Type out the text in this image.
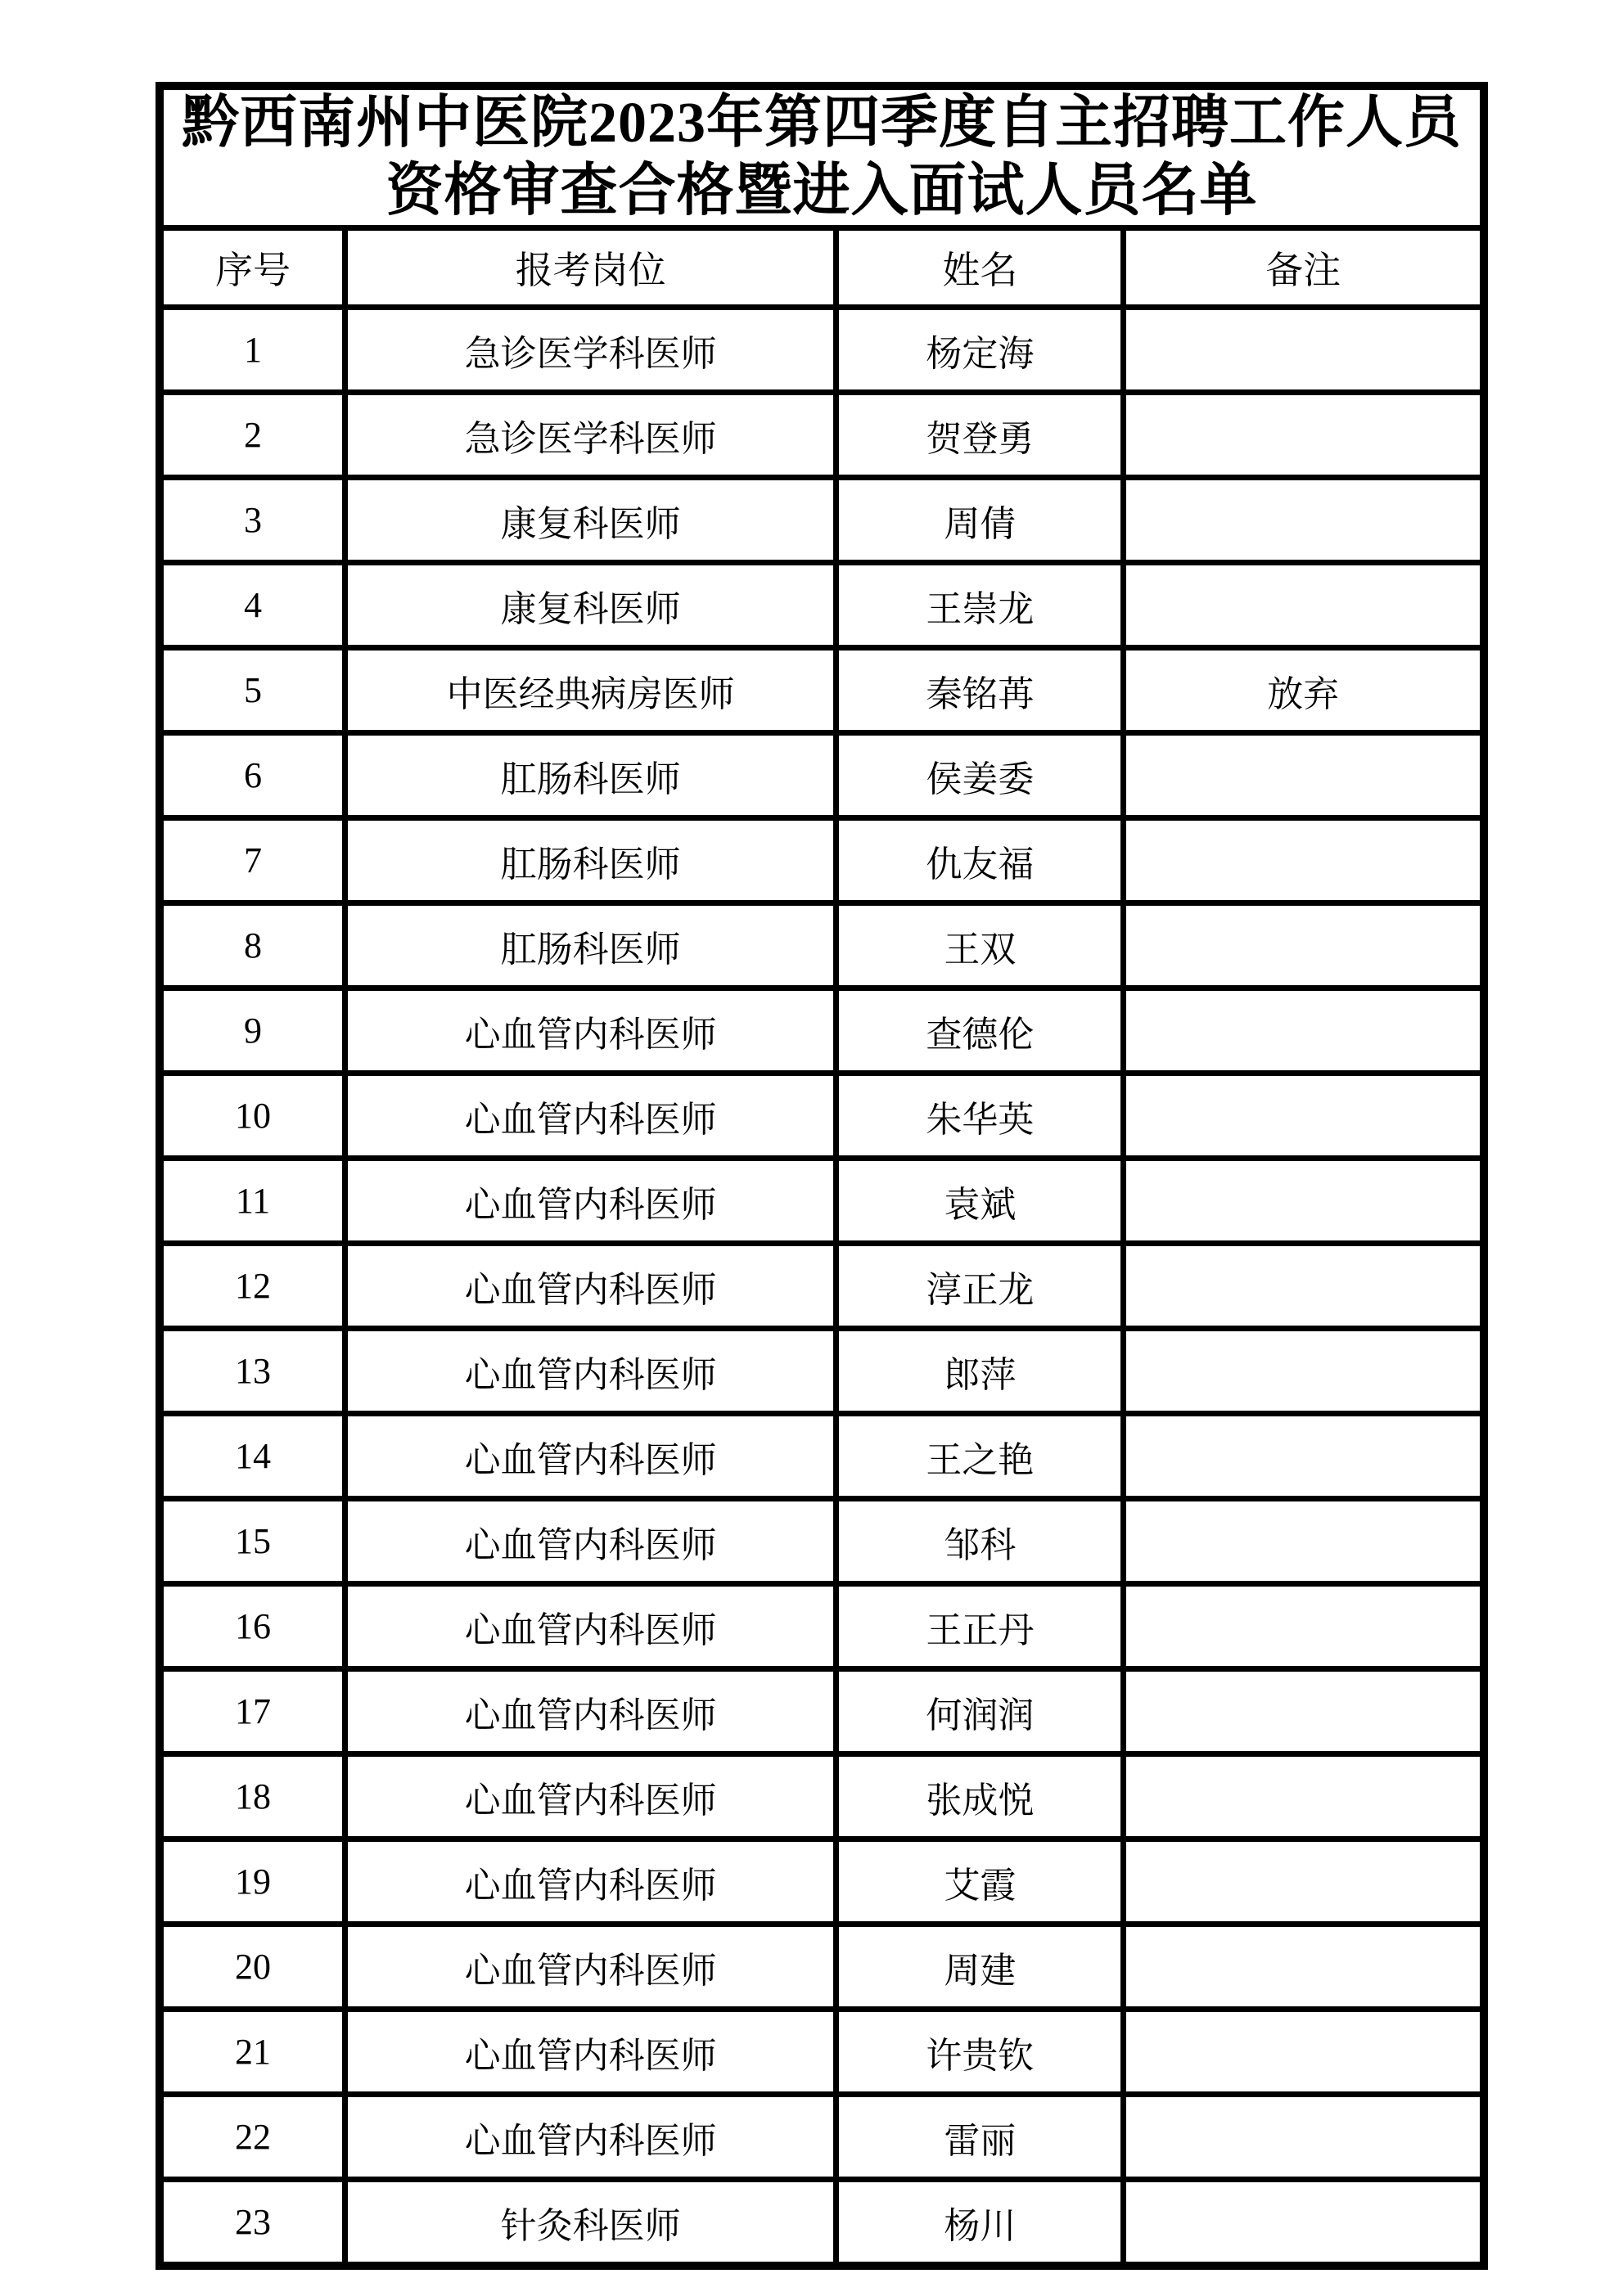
黔西南州中医院2023年第四季度自主招聘工作人员资格审查合格暨进入面试人员名单			
序号	报考岗位	姓名	备注
1	急诊医学科医师	杨定海	
2	急诊医学科医师	贺登勇	
3	康复科医师	周倩	
4	康复科医师	王崇龙	
5	中医经典病房医师	秦铭苒	放弃
6	肛肠科医师	侯姜委	
7	肛肠科医师	仇友福	
8	肛肠科医师	王双	
9	心血管内科医师	查德伦	
10	心血管内科医师	朱华英	
11	心血管内科医师	袁斌	
12	心血管内科医师	淳正龙	
13	心血管内科医师	郎萍	
14	心血管内科医师	王之艳	
15	心血管内科医师	邹科	
16	心血管内科医师	王正丹	
17	心血管内科医师	何润润	
18	心血管内科医师	张成悦	
19	心血管内科医师	艾霞	
20	心血管内科医师	周建	
21	心血管内科医师	许贵钦	
22	心血管内科医师	雷丽	
23	针灸科医师	杨川	
